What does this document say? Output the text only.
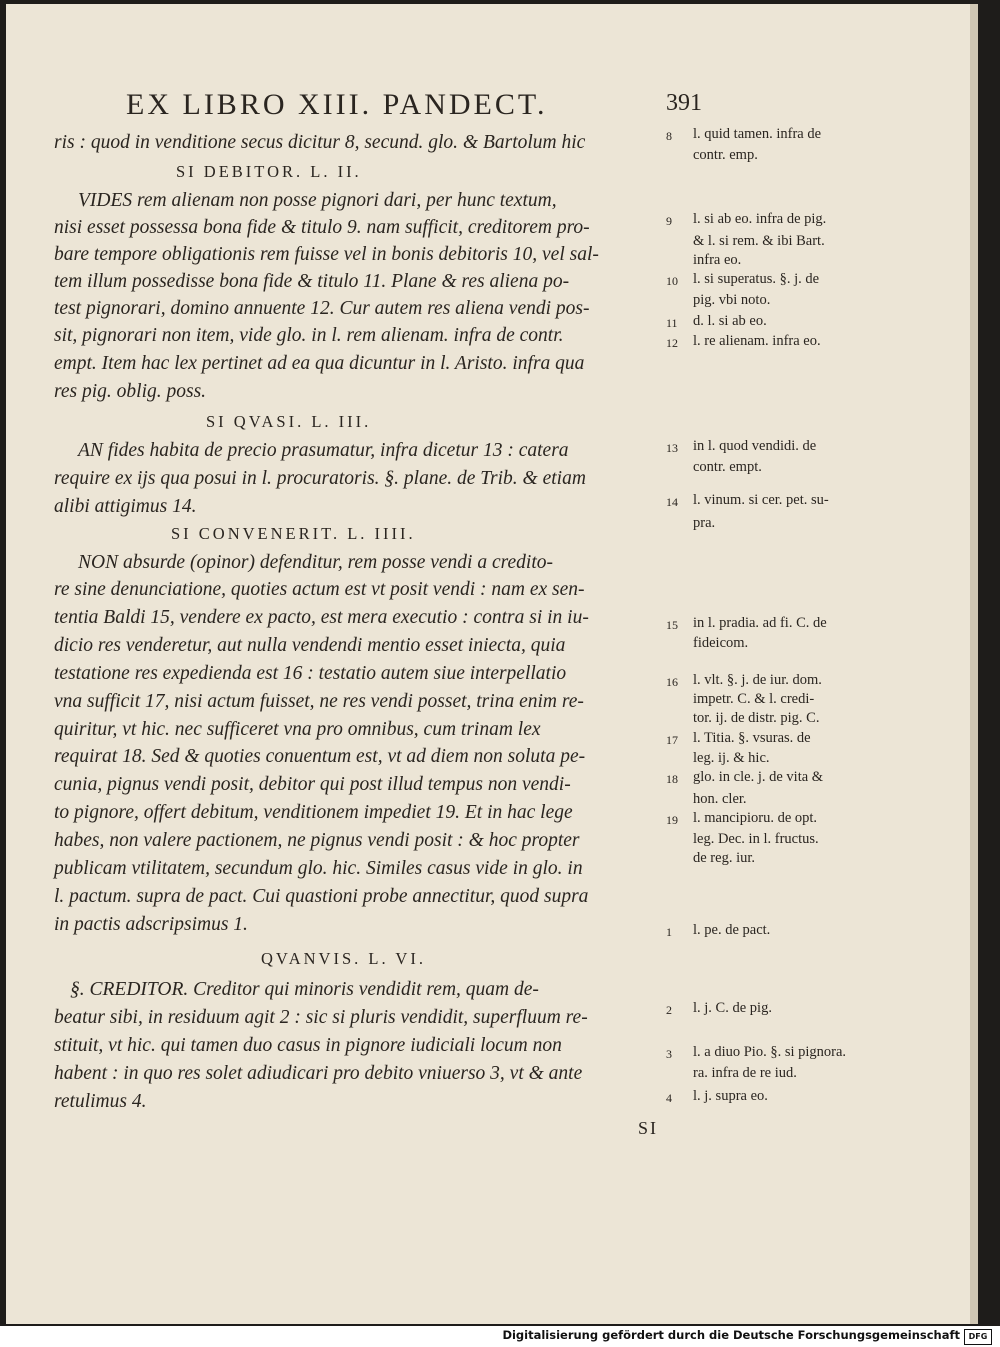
EX LIBRO XIII. PANDECT.	391
ris : quod in venditione secus dicitur 8, secund. glo. & Bartolum hic
SI DEBITOR. L. II.
VIDES rem alienam non posse pignori dari, per hunc textum,
nisi esset possessa bona fide & titulo 9. nam sufficit, creditorem pro-
bare tempore obligationis rem fuisse vel in bonis debitoris 10, vel sal-
tem illum possedisse bona fide & titulo 11. Plane & res aliena po-
test pignorari, domino annuente 12. Cur autem res aliena vendi pos-
sit, pignorari non item, vide glo. in l. rem alienam. infra de contr.
empt. Item hac lex pertinet ad ea qua dicuntur in l. Aristo. infra qua
res pig. oblig. poss.
SI QVASI. L. III.
AN fides habita de precio prasumatur, infra dicetur 13 : catera
require ex ijs qua posui in l. procuratoris. §. plane. de Trib. & etiam
alibi attigimus 14.
SI CONVENERIT. L. IIII.
NON absurde (opinor) defenditur, rem posse vendi a credito-
re sine denunciatione, quoties actum est vt posit vendi : nam ex sen-
tentia Baldi 15, vendere ex pacto, est mera executio : contra si in iu-
dicio res venderetur, aut nulla vendendi mentio esset iniecta, quia
testatione res expedienda est 16 : testatio autem siue interpellatio
vna sufficit 17, nisi actum fuisset, ne res vendi posset, trina enim re-
quiritur, vt hic. nec sufficeret vna pro omnibus, cum trinam lex
requirat 18. Sed & quoties conuentum est, vt ad diem non soluta pe-
cunia, pignus vendi posit, debitor qui post illud tempus non vendi-
to pignore, offert debitum, venditionem impediet 19. Et in hac lege
habes, non valere pactionem, ne pignus vendi posit : & hoc propter
publicam vtilitatem, secundum glo. hic. Similes casus vide in glo. in
l. pactum. supra de pact. Cui quastioni probe annectitur, quod supra
in pactis adscripsimus 1.
QVANVIS. L. VI.
§. CREDITOR. Creditor qui minoris vendidit rem, quam de-
beatur sibi, in residuum agit 2 : sic si pluris vendidit, superfluum re-
stituit, vt hic. qui tamen duo casus in pignore iudiciali locum non
habent : in quo res solet adiudicari pro debito vniuerso 3, vt & ante
retulimus 4.
l. quid tamen. infra de
8
contr. emp.
l. si ab eo. infra de pig.
9
& l. si rem. & ibi Bart.
infra eo.
l. si superatus. §. j. de
10
pig. vbi noto.
d. l. si ab eo.
11
l. re alienam. infra eo.
12
in l. quod vendidi. de
13
contr. empt.
l. vinum. si cer. pet. su-
14
pra.
in l. pradia. ad fi. C. de
15
fideicom.
l. vlt. §. j. de iur. dom.
16
impetr. C. & l. credi-
tor. ij. de distr. pig. C.
l. Titia. §. vsuras. de
17
leg. ij. & hic.
glo. in cle. j. de vita &
18
hon. cler.
l. mancipioru. de opt.
19
leg. Dec. in l. fructus.
de reg. iur.
l. pe. de pact.
1
l. j. C. de pig.
2
l. a diuo Pio. §. si pignora.
3
ra. infra de re iud.
l. j. supra eo.
4
SI
Digitalisierung gefördert durch die Deutsche Forschungsgemeinschaft	DFG
